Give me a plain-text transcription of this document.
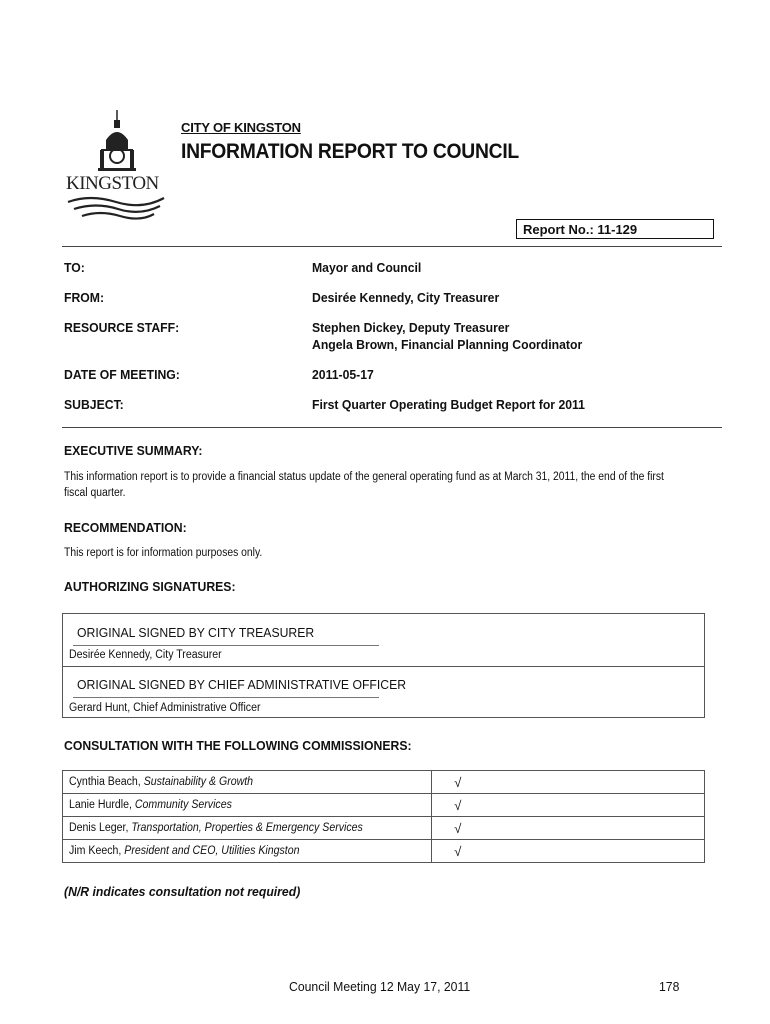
KINGSTON
CITY OF KINGSTON
INFORMATION REPORT TO COUNCIL
Report No.: 11-129
TO:	Mayor and Council
FROM:	Desirée Kennedy, City Treasurer
RESOURCE STAFF:	Stephen Dickey, Deputy Treasurer
Angela Brown, Financial Planning Coordinator
DATE OF MEETING:	2011-05-17
SUBJECT:	First Quarter Operating Budget Report for 2011
EXECUTIVE SUMMARY:
This information report is to provide a financial status update of the general operating fund as at March 31, 2011, the end of the first fiscal quarter.
RECOMMENDATION:
This report is for information purposes only.
AUTHORIZING SIGNATURES:
ORIGINAL SIGNED BY CITY TREASURER
Desirée Kennedy, City Treasurer
ORIGINAL SIGNED BY CHIEF ADMINISTRATIVE OFFICER
Gerard Hunt, Chief Administrative Officer
CONSULTATION WITH THE FOLLOWING COMMISSIONERS:
Cynthia Beach, Sustainability & Growth	√
Lanie Hurdle, Community Services	√
Denis Leger, Transportation, Properties & Emergency Services	√
Jim Keech, President and CEO, Utilities Kingston	√
(N/R indicates consultation not required)
Council Meeting 12 May 17, 2011	178
